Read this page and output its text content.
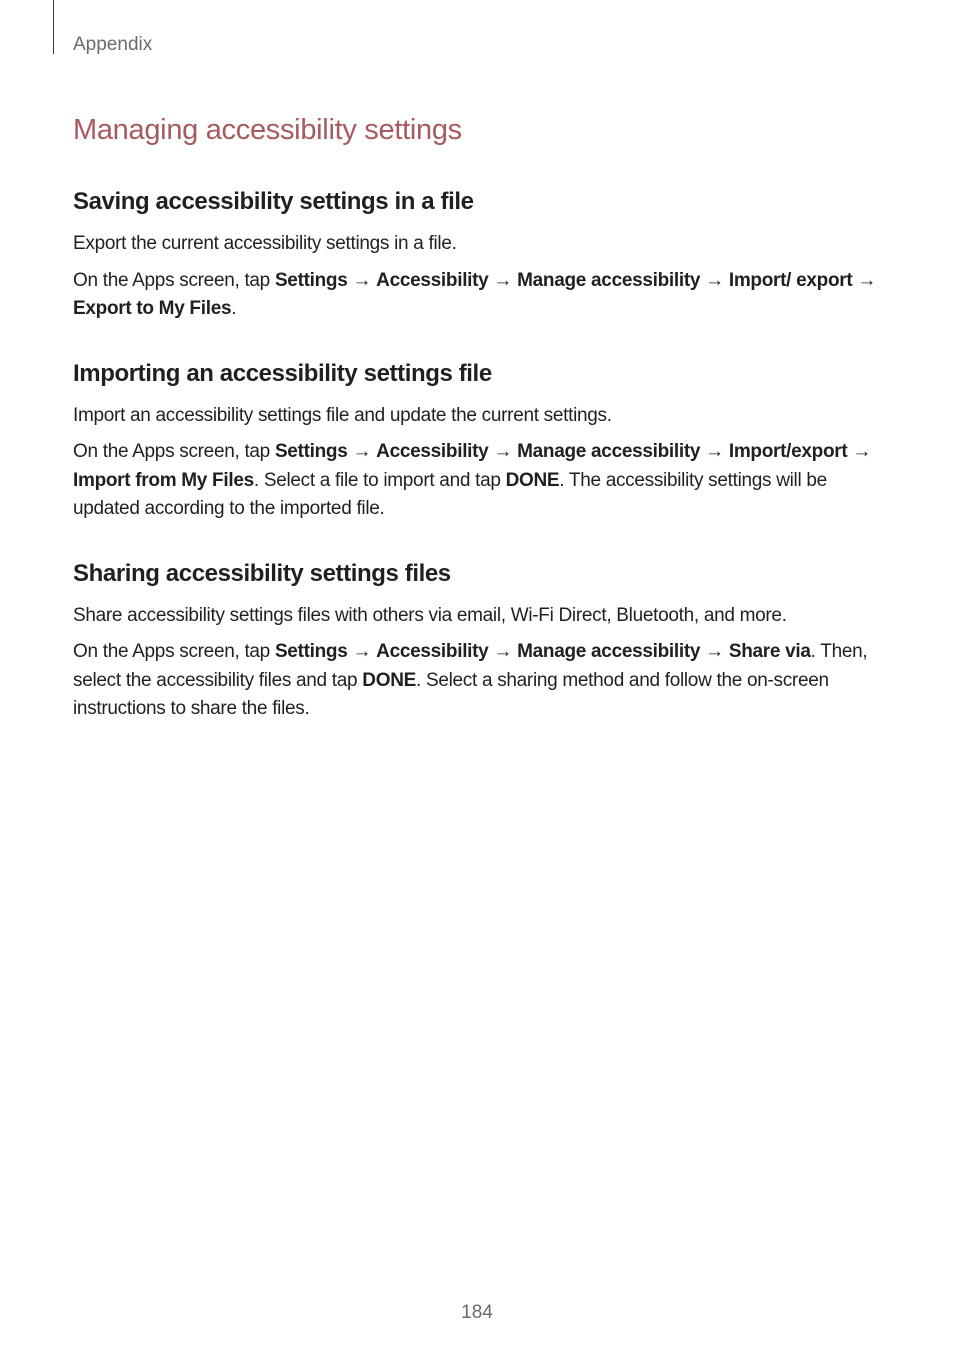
Appendix

Managing accessibility settings
Saving accessibility settings in a file

Export the current accessibility settings in a file.

On the Apps screen, tap Settings → Accessibility → Manage accessibility → Import/ export → Export to My Files.

Importing an accessibility settings file

Import an accessibility settings file and update the current settings.

On the Apps screen, tap Settings → Accessibility → Manage accessibility → Import/export → Import from My Files. Select a file to import and tap DONE. The accessibility settings will be updated according to the imported file.

Sharing accessibility settings files

Share accessibility settings files with others via email, Wi-Fi Direct, Bluetooth, and more.

On the Apps screen, tap Settings → Accessibility → Manage accessibility → Share via. Then, select the accessibility files and tap DONE. Select a sharing method and follow the on-screen instructions to share the files.

184
